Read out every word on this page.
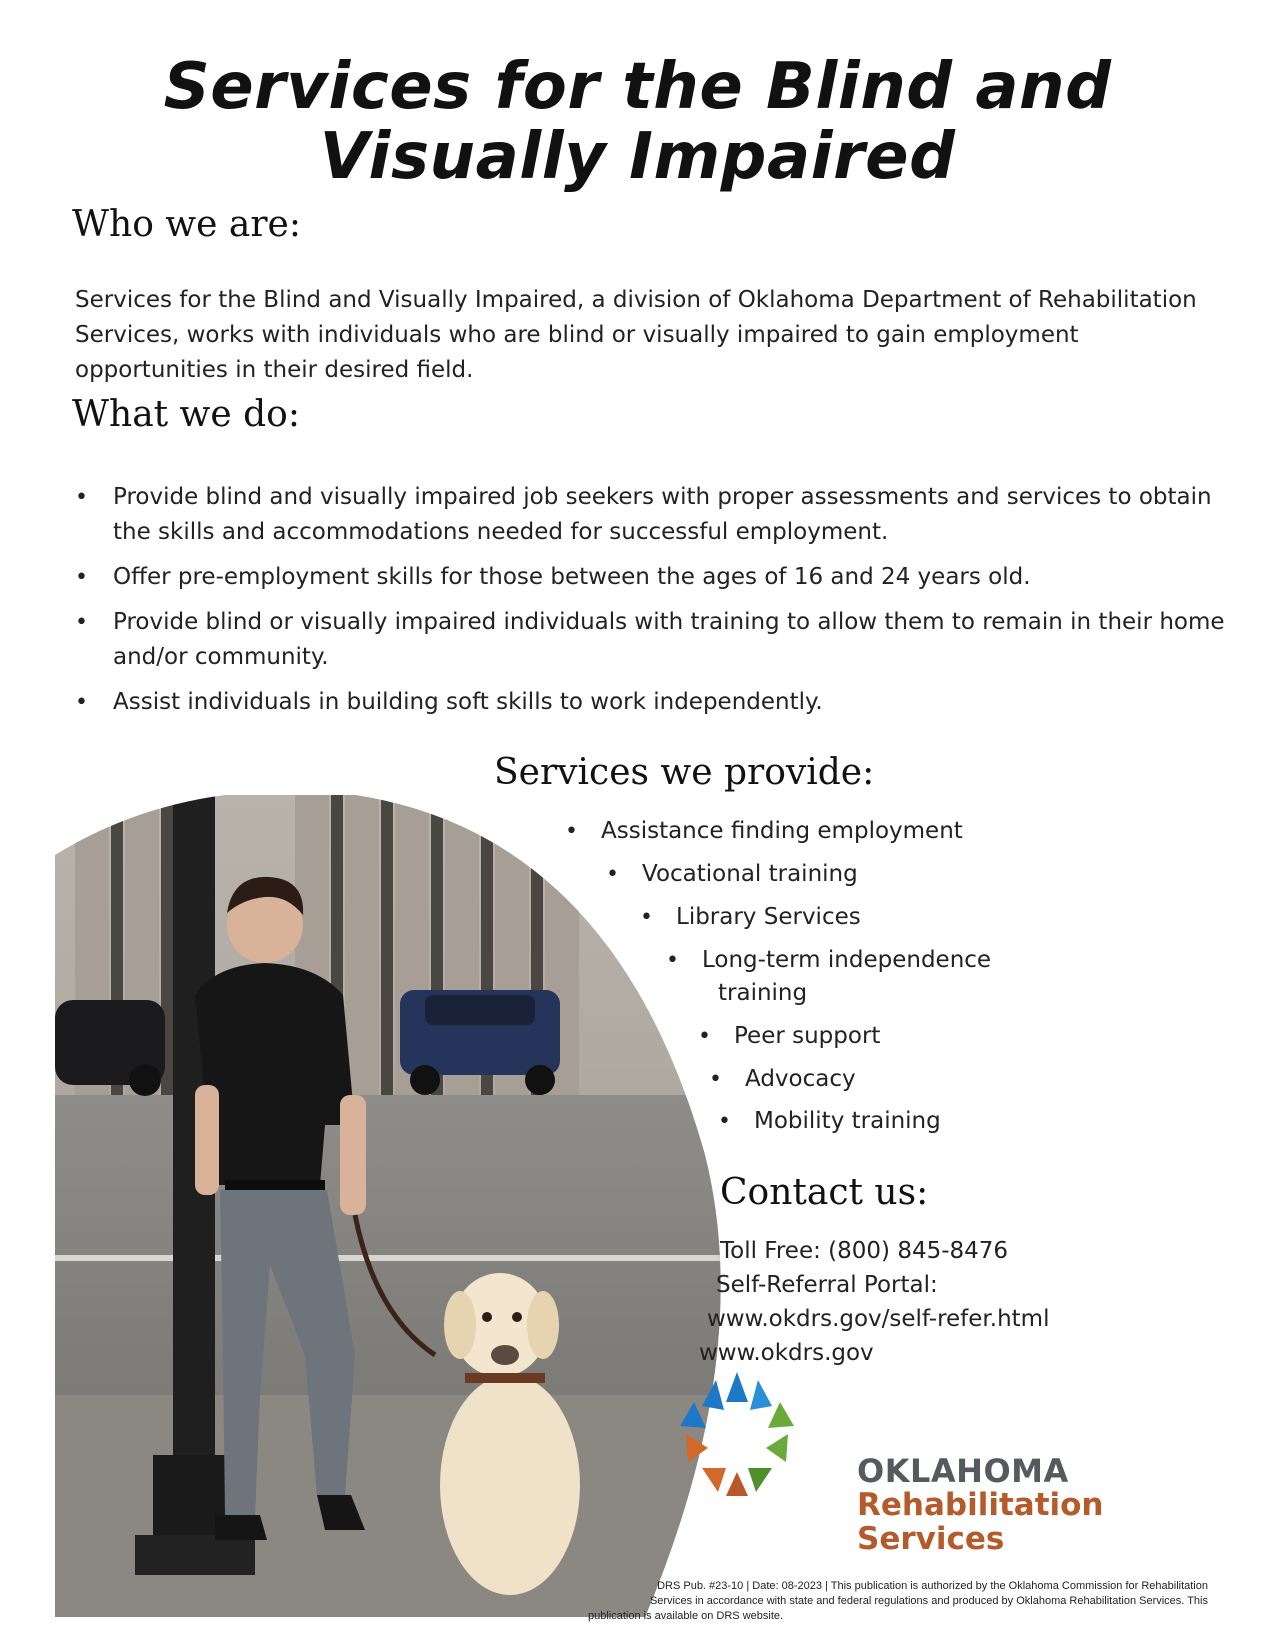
Services for the Blind and
Visually Impaired
Who we are:

Services for the Blind and Visually Impaired, a division of Oklahoma Department of Rehabilitation Services, works with individuals who are blind or visually impaired to gain employment opportunities in their desired field.

What we do:
• Provide blind and visually impaired job seekers with proper assessments and services to obtain the skills and accommodations needed for successful employment.
• Offer pre-employment skills for those between the ages of 16 and 24 years old.
• Provide blind or visually impaired individuals with training to allow them to remain in their home and/or community.
• Assist individuals in building soft skills to work independently.
Services we provide:
• Assistance finding employment
• Vocational training
• Library Services
• Long-term independence
training
• Peer support
• Advocacy
• Mobility training
Contact us:
Toll Free: (800) 845-8476
Self-Referral Portal:
www.okdrs.gov/self-refer.html
www.okdrs.gov
OKLAHOMA
Rehabilitation
Services
DRS Pub. #23-10 | Date: 08-2023 | This publication is authorized by the Oklahoma Commission for Rehabilitation
Services in accordance with state and federal regulations and produced by Oklahoma Rehabilitation Services. This
publication is available on DRS website.
